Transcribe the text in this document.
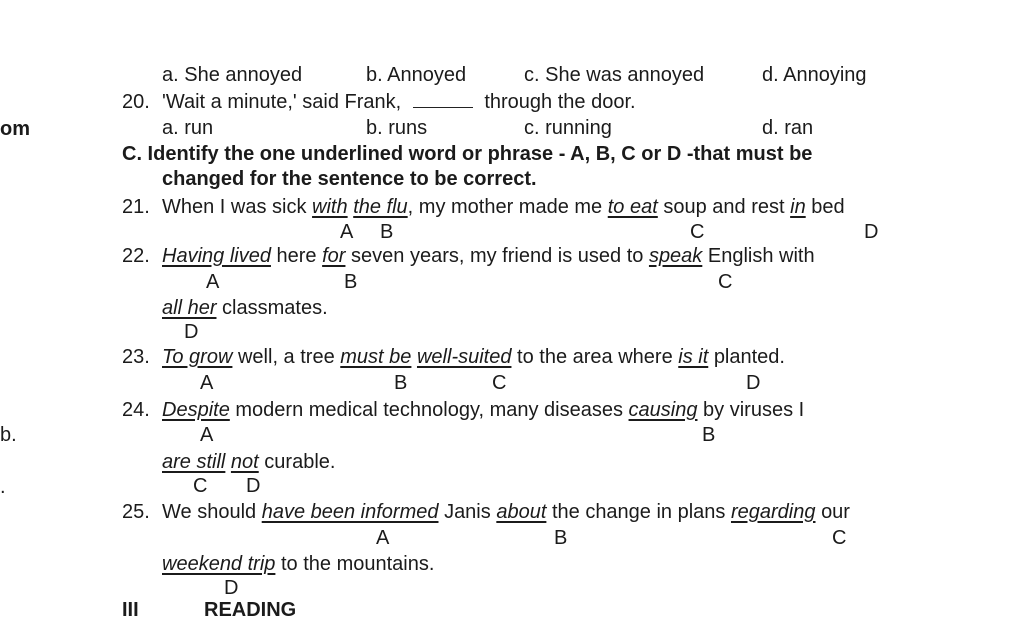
om
b.
.
a. She annoyed	b. Annoyed	c. She was annoyed	d. Annoying
20. 'Wait a minute,' said Frank,	through the door.
a. run	b. runs	c. running	d. ran
C. Identify the one underlined word or phrase - A, B, C or D -that must be
changed for the sentence to be correct.
21. When I was sick with the flu, my mother made me to eat soup and rest in bed
A B	C	D
22. Having lived here for seven years, my friend is used to speak English with
A	B	C
all her classmates.
D
23. To grow well, a tree must be well-suited to the area where is it planted.
A	B	C	D
24. Despite modern medical technology, many diseases causing by viruses I
A	B
are still not curable.
C D
25. We should have been informed Janis about the change in plans regarding our
A	B	C
weekend trip to the mountains.
D
III	READING
